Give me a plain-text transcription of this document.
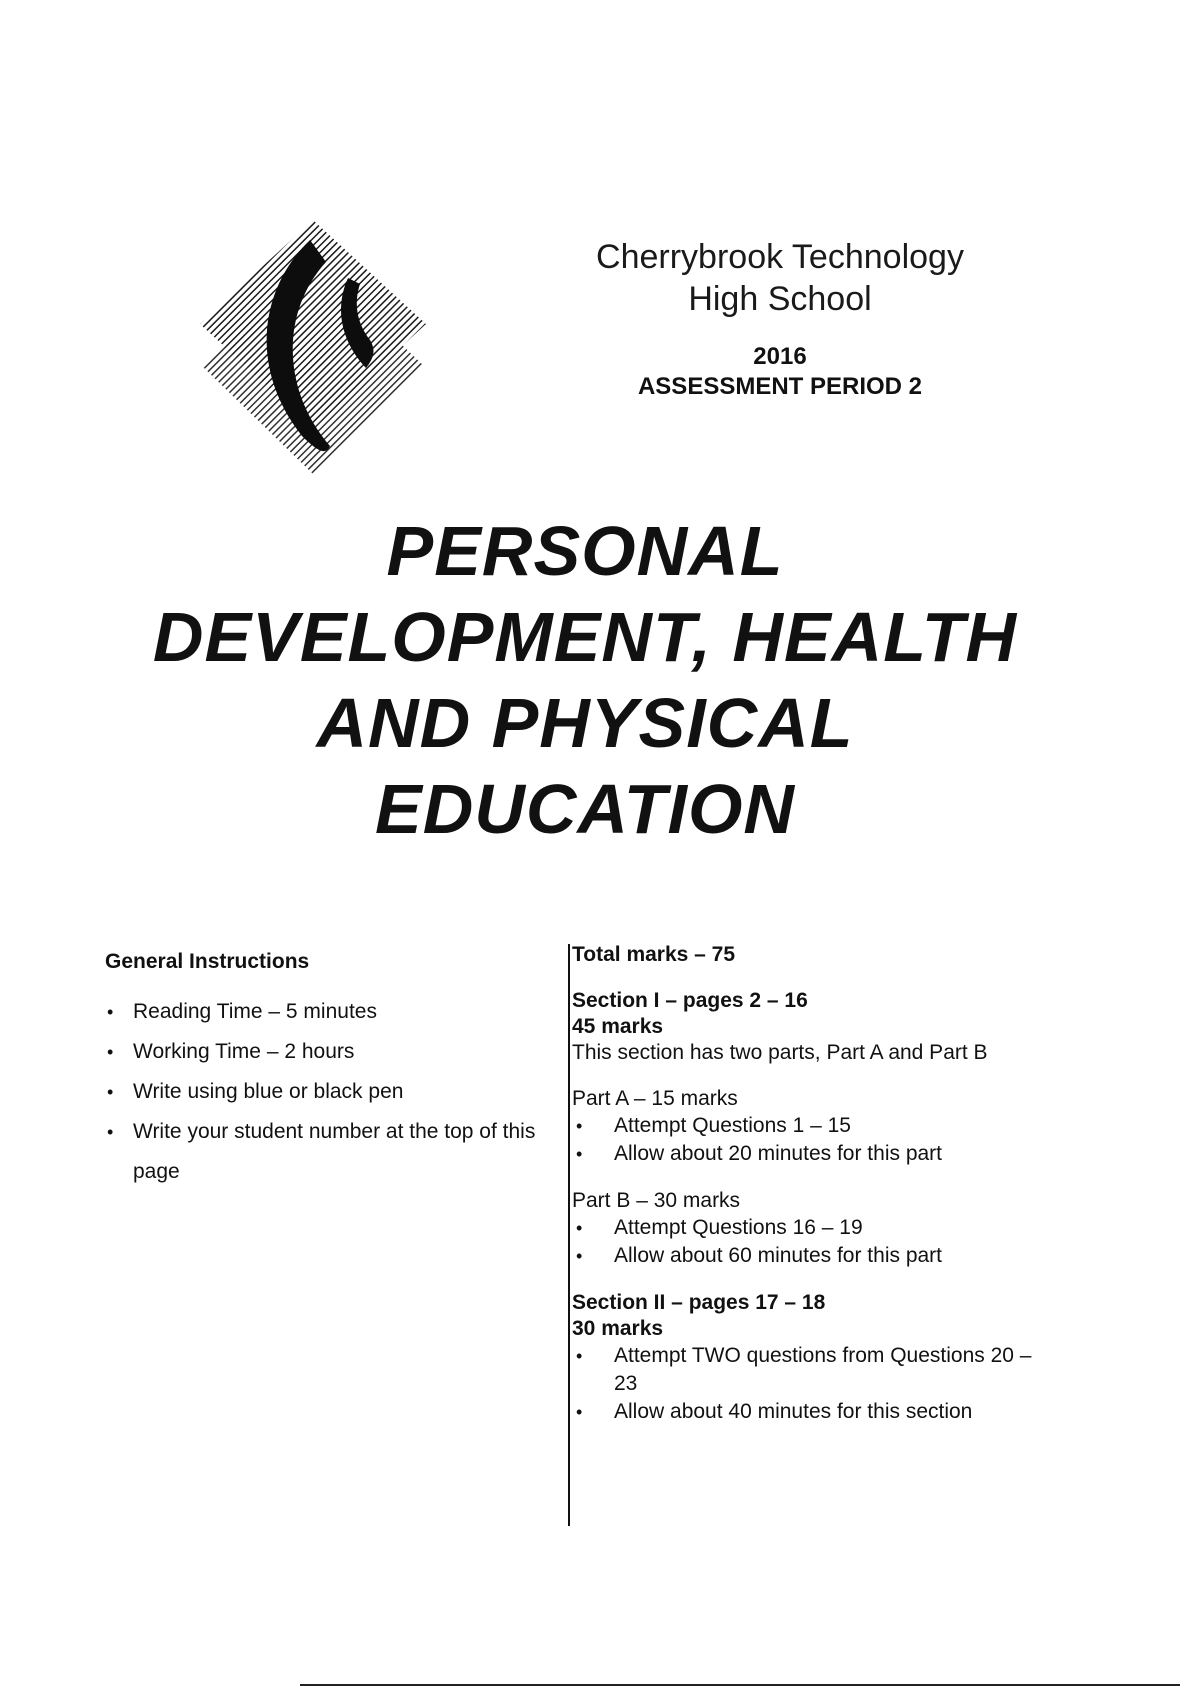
Cherrybrook Technology
High School
2016
ASSESSMENT PERIOD 2
PERSONAL
DEVELOPMENT, HEALTH
AND PHYSICAL
EDUCATION
General Instructions
• Reading Time – 5 minutes
• Working Time – 2 hours
• Write using blue or black pen
• Write your student number at the top of this page
Total marks – 75
Section I – pages 2 – 16
45 marks
This section has two parts, Part A and Part B
Part A – 15 marks
• Attempt Questions 1 – 15
• Allow about 20 minutes for this part
Part B – 30 marks
• Attempt Questions 16 – 19
• Allow about 60 minutes for this part
Section II – pages 17 – 18
30 marks
• Attempt TWO questions from Questions 20 – 23
• Allow about 40 minutes for this section
